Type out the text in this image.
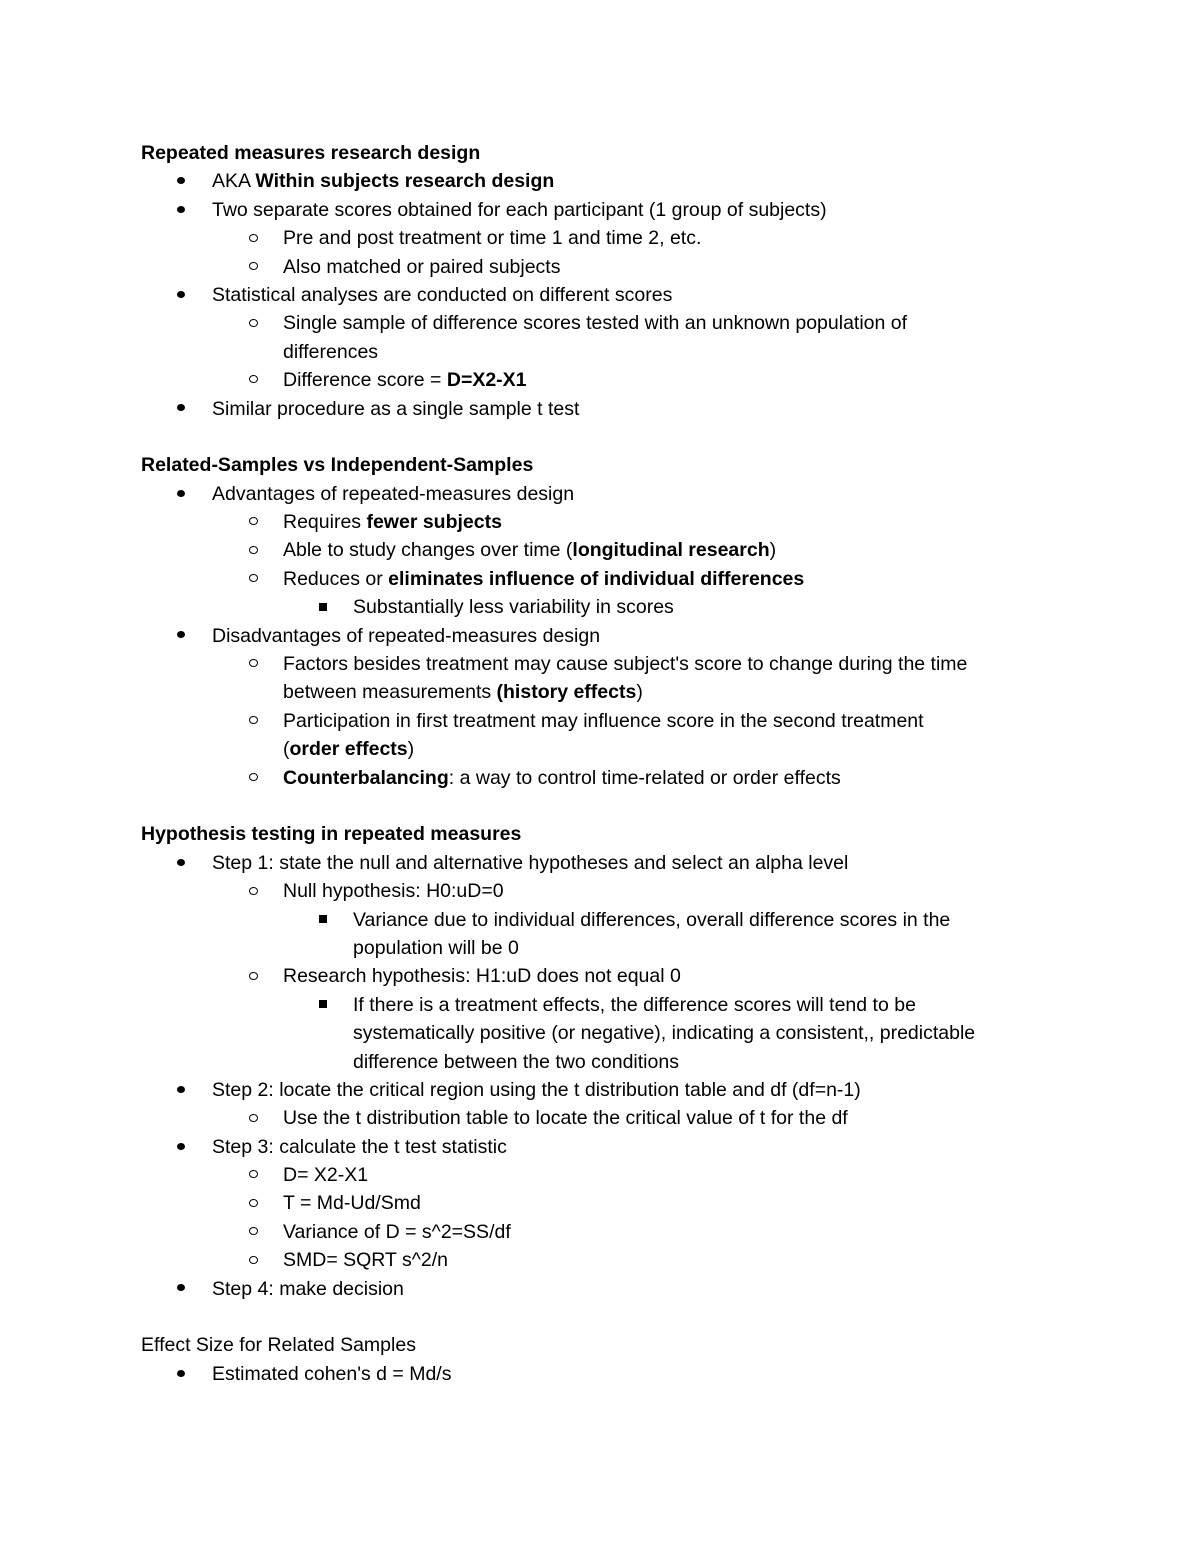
Repeated measures research design
AKA Within subjects research design
Two separate scores obtained for each participant (1 group of subjects)
Pre and post treatment or time 1 and time 2, etc.
Also matched or paired subjects
Statistical analyses are conducted on different scores
Single sample of difference scores tested with an unknown population of
differences
Difference score = D=X2-X1
Similar procedure as a single sample t test
Related-Samples vs Independent-Samples
Advantages of repeated-measures design
Requires fewer subjects
Able to study changes over time (longitudinal research)
Reduces or eliminates influence of individual differences
Substantially less variability in scores
Disadvantages of repeated-measures design
Factors besides treatment may cause subject's score to change during the time
between measurements (history effects)
Participation in first treatment may influence score in the second treatment
(order effects)
Counterbalancing: a way to control time-related or order effects
Hypothesis testing in repeated measures
Step 1: state the null and alternative hypotheses and select an alpha level
Null hypothesis: H0:uD=0
Variance due to individual differences, overall difference scores in the
population will be 0
Research hypothesis: H1:uD does not equal 0
If there is a treatment effects, the difference scores will tend to be
systematically positive (or negative), indicating a consistent,, predictable
difference between the two conditions
Step 2: locate the critical region using the t distribution table and df (df=n-1)
Use the t distribution table to locate the critical value of t for the df
Step 3: calculate the t test statistic
D= X2-X1
T = Md-Ud/Smd
Variance of D = s^2=SS/df
SMD= SQRT s^2/n
Step 4: make decision
Effect Size for Related Samples
Estimated cohen's d = Md/s
